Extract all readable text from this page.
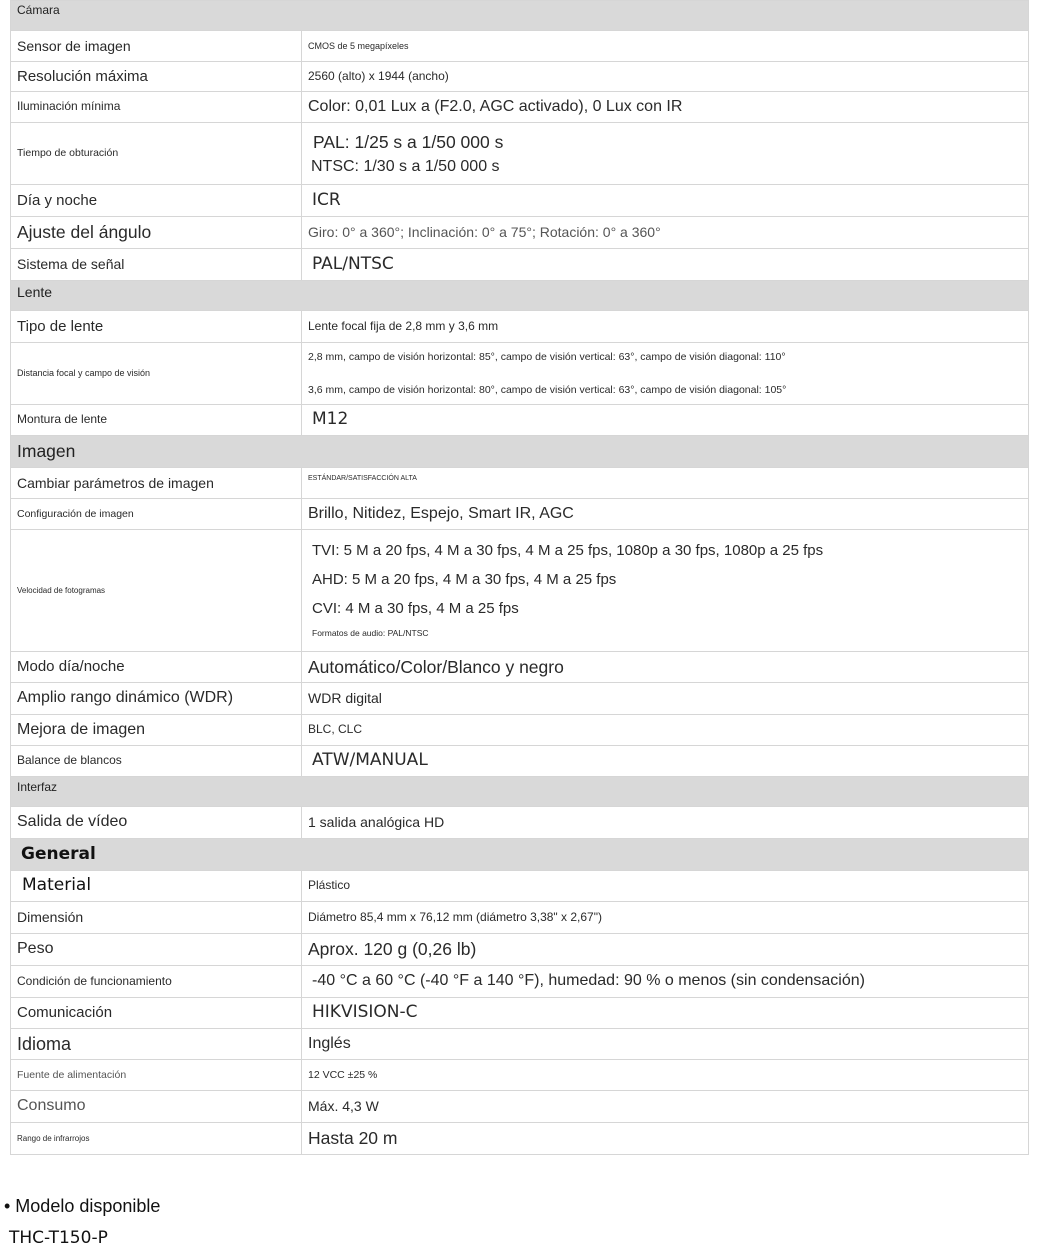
Cámara	
Sensor de imagen	CMOS de 5 megapíxeles
Resolución máxima	2560 (alto) x 1944 (ancho)
Iluminación mínima	Color: 0,01 Lux a (F2.0, AGC activado), 0 Lux con IR
Tiempo de obturación	PAL: 1/25 s a 1/50 000 s
NTSC: 1/30 s a 1/50 000 s

Día y noche	ICR
Ajuste del ángulo	Giro: 0° a 360°; Inclinación: 0° a 75°; Rotación: 0° a 360°
Sistema de señal	PAL/NTSC
Lente	
Tipo de lente	Lente focal fija de 2,8 mm y 3,6 mm
Distancia focal y campo de visión	2,8 mm, campo de visión horizontal: 85°, campo de visión vertical: 63°, campo de visión diagonal: 110°
3,6 mm, campo de visión horizontal: 80°, campo de visión vertical: 63°, campo de visión diagonal: 105°

Montura de lente	M12
Imagen	
Cambiar parámetros de imagen	ESTÁNDAR/SATISFACCIÓN ALTA
Configuración de imagen	Brillo, Nitidez, Espejo, Smart IR, AGC
Velocidad de fotogramas	TVI: 5 M a 20 fps, 4 M a 30 fps, 4 M a 25 fps, 1080p a 30 fps, 1080p a 25 fps
AHD: 5 M a 20 fps, 4 M a 30 fps, 4 M a 25 fps
CVI: 4 M a 30 fps, 4 M a 25 fps
Formatos de audio: PAL/NTSC

Modo día/noche	Automático/Color/Blanco y negro
Amplio rango dinámico (WDR)	WDR digital
Mejora de imagen	BLC, CLC
Balance de blancos	ATW/MANUAL
Interfaz	
Salida de vídeo	1 salida analógica HD
General	
Material	Plástico
Dimensión	Diámetro 85,4 mm x 76,12 mm (diámetro 3,38" x 2,67")
Peso	Aprox. 120 g (0,26 lb)
Condición de funcionamiento	-40 °C a 60 °C (-40 °F a 140 °F), humedad: 90 % o menos (sin condensación)
Comunicación	HIKVISION-C
Idioma	Inglés
Fuente de alimentación	12 VCC ±25 %
Consumo	Máx. 4,3 W
Rango de infrarrojos	Hasta 20 m
• Modelo disponible
THC-T150-P
